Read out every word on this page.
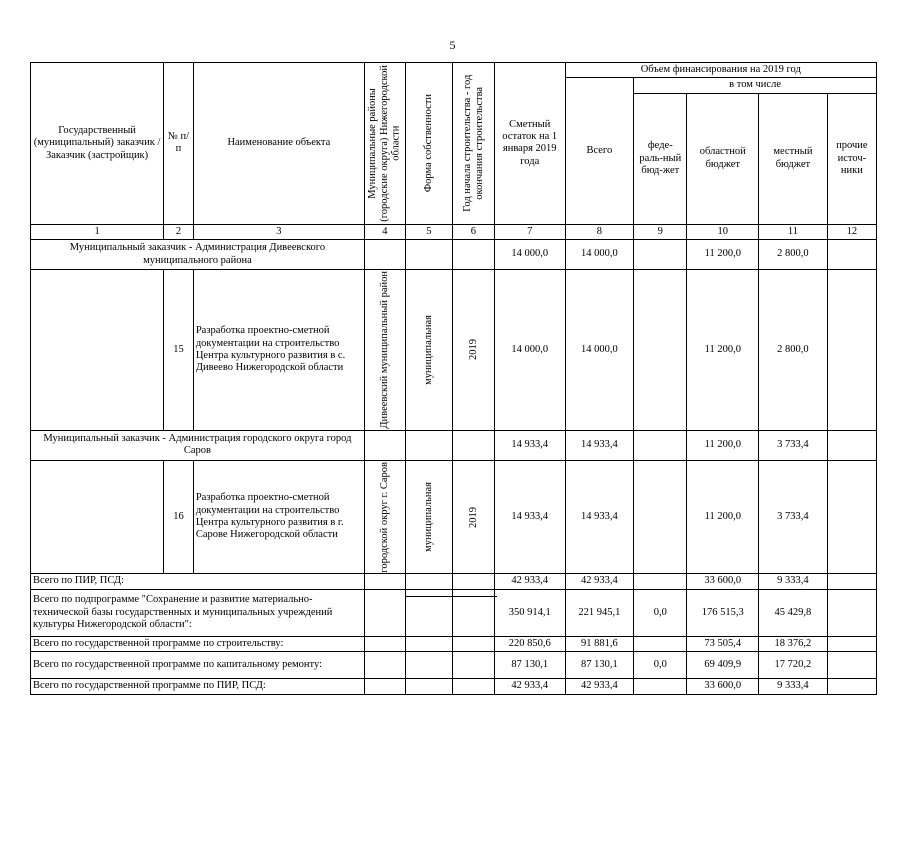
5
Государственный (муниципальный) заказчик / Заказчик (застройщик)	№ п/п	Наименование объекта	Муниципальные районы (городские округа) Нижегородской области	Форма собственности	Год начала строительства - год окончания строительства	Сметный остаток на 1 января 2019 года	Объем финансирования на 2019 год				
							Всего	в том числе			
								феде-раль-ный бюд-жет	областной бюджет	местный бюджет	прочие источ-ники
1	2	3	4	5	6	7	8	9	10	11	12
Муниципальный заказчик - Администрация Дивеевского муниципального района						14 000,0	14 000,0		11 200,0	2 800,0	
	15	Разработка проектно-сметной документации на строительство Центра культурного развития в с. Дивеево Нижегородской области	Дивеевский муниципальный район	муниципальная	2019	14 000,0	14 000,0		11 200,0	2 800,0	
Муниципальный заказчик - Администрация городского округа город Саров						14 933,4	14 933,4		11 200,0	3 733,4	
	16	Разработка проектно-сметной документации на строительство Центра культурного развития в г. Сарове Нижегородской области	городской округ г. Саров	муниципальная	2019	14 933,4	14 933,4		11 200,0	3 733,4	
Всего по ПИР, ПСД:						42 933,4	42 933,4		33 600,0	9 333,4	
Всего по подпрограмме "Сохранение и развитие материально-технической базы государственных и муниципальных учреждений культуры Нижегородской области":						350 914,1	221 945,1	0,0	176 515,3	45 429,8	
Всего по государственной программе по строительству:						220 850,6	91 881,6		73 505,4	18 376,2	
Всего по государственной программе по капитальному ремонту:						87 130,1	87 130,1	0,0	69 409,9	17 720,2	
Всего по государственной программе по ПИР, ПСД:						42 933,4	42 933,4		33 600,0	9 333,4	
